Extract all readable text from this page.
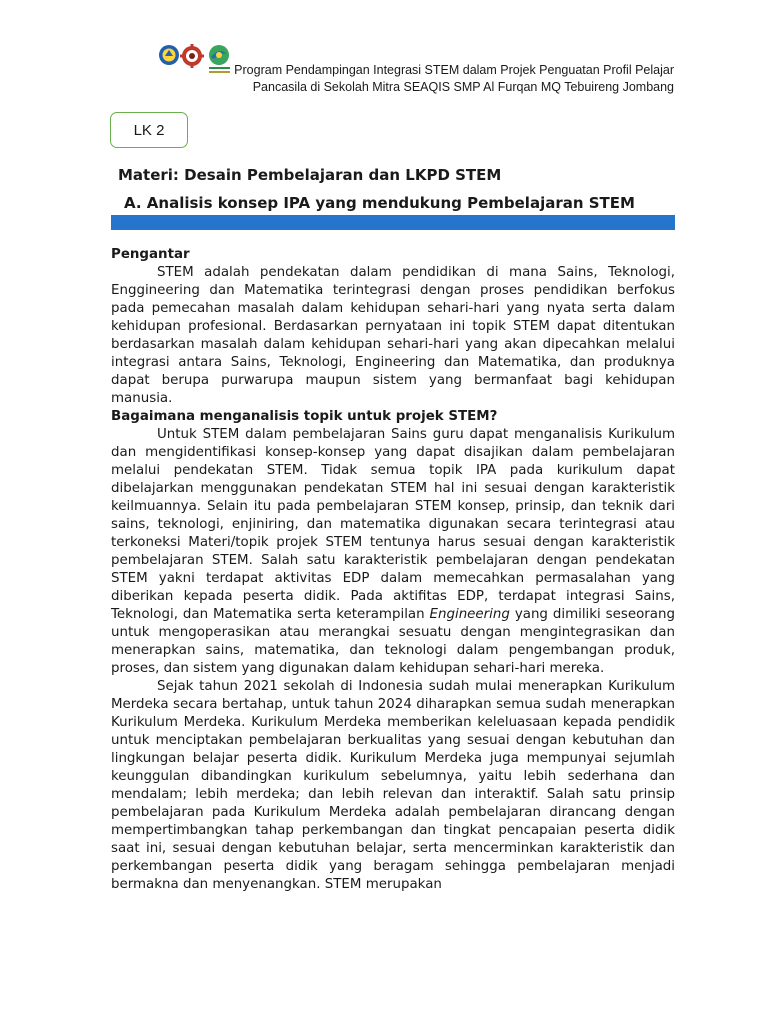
Program Pendampingan Integrasi STEM dalam Projek Penguatan Profil Pelajar
Pancasila di Sekolah Mitra SEAQIS SMP Al Furqan MQ Tebuireng Jombang
LK 2
Materi: Desain Pembelajaran dan LKPD STEM
A. Analisis konsep IPA yang mendukung Pembelajaran STEM
Pengantar

STEM adalah pendekatan dalam pendidikan di mana Sains, Teknologi, Enggineering dan Matematika terintegrasi dengan proses pendidikan berfokus pada pemecahan masalah dalam kehidupan sehari-hari yang nyata serta dalam kehidupan profesional. Berdasarkan pernyataan ini topik STEM dapat ditentukan berdasarkan masalah dalam kehidupan sehari-hari yang akan dipecahkan melalui integrasi antara Sains, Teknologi, Engineering dan Matematika, dan produknya dapat berupa purwarupa maupun sistem yang bermanfaat bagi kehidupan manusia.

Bagaimana menganalisis topik untuk projek STEM?

Untuk STEM dalam pembelajaran Sains guru dapat menganalisis Kurikulum dan mengidentifikasi konsep-konsep yang dapat disajikan dalam pembelajaran melalui pendekatan STEM. Tidak semua topik IPA pada kurikulum dapat dibelajarkan menggunakan pendekatan STEM hal ini sesuai dengan karakteristik keilmuannya. Selain itu pada pembelajaran STEM konsep, prinsip, dan teknik dari sains, teknologi, enjiniring, dan matematika digunakan secara terintegrasi atau terkoneksi Materi/topik projek STEM tentunya harus sesuai dengan karakteristik pembelajaran STEM. Salah satu karakteristik pembelajaran dengan pendekatan STEM yakni terdapat aktivitas EDP dalam memecahkan permasalahan yang diberikan kepada peserta didik. Pada aktifitas EDP, terdapat integrasi Sains, Teknologi, dan Matematika serta keterampilan Engineering yang dimiliki seseorang untuk mengoperasikan atau merangkai sesuatu dengan mengintegrasikan dan menerapkan sains, matematika, dan teknologi dalam pengembangan produk, proses, dan sistem yang digunakan dalam kehidupan sehari-hari mereka.

Sejak tahun 2021 sekolah di Indonesia sudah mulai menerapkan Kurikulum Merdeka secara bertahap, untuk tahun 2024 diharapkan semua sudah menerapkan Kurikulum Merdeka. Kurikulum Merdeka memberikan keleluasaan kepada pendidik untuk menciptakan pembelajaran berkualitas yang sesuai dengan kebutuhan dan lingkungan belajar peserta didik. Kurikulum Merdeka juga mempunyai sejumlah keunggulan dibandingkan kurikulum sebelumnya, yaitu lebih sederhana dan mendalam; lebih merdeka; dan lebih relevan dan interaktif. Salah satu prinsip pembelajaran pada Kurikulum Merdeka adalah pembelajaran dirancang dengan mempertimbangkan tahap perkembangan dan tingkat pencapaian peserta didik saat ini, sesuai dengan kebutuhan belajar, serta mencerminkan karakteristik dan perkembangan peserta didik yang beragam sehingga pembelajaran menjadi bermakna dan menyenangkan. STEM merupakan
